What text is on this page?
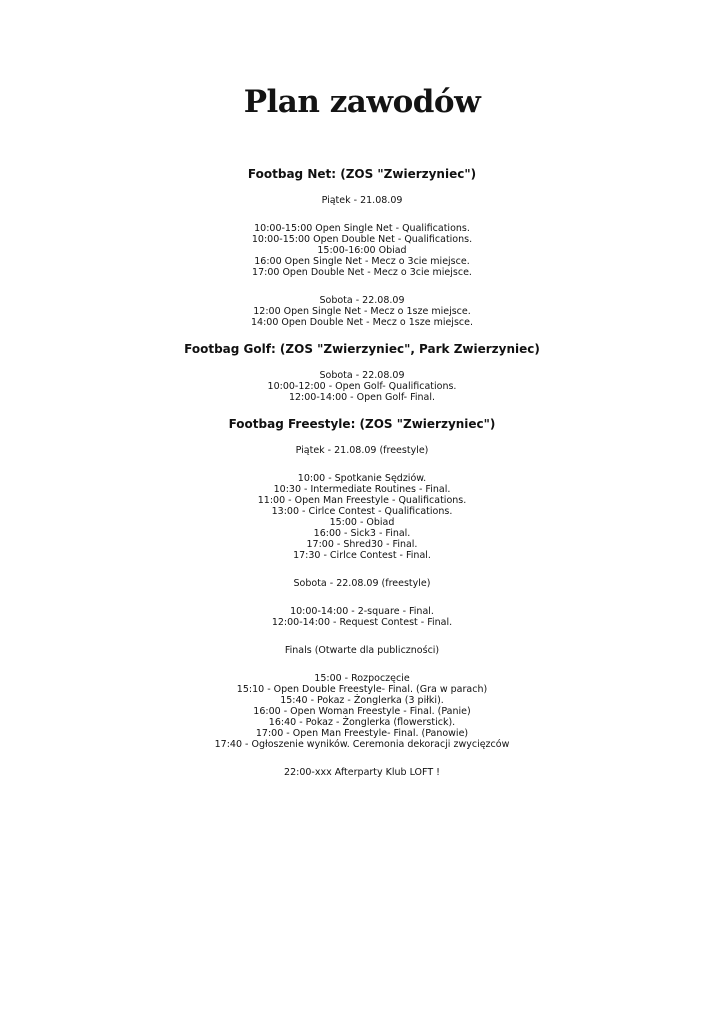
Plan zawodów
Footbag Net: (ZOS "Zwierzyniec")
Piątek - 21.08.09
10:00-15:00 Open Single Net - Qualifications.
10:00-15:00 Open Double Net - Qualifications.
15:00-16:00 Obiad
16:00 Open Single Net - Mecz o 3cie miejsce.
17:00 Open Double Net - Mecz o 3cie miejsce.
Sobota - 22.08.09
12:00 Open Single Net - Mecz o 1sze miejsce.
14:00 Open Double Net - Mecz o 1sze miejsce.
Footbag Golf: (ZOS "Zwierzyniec", Park Zwierzyniec)
Sobota - 22.08.09
10:00-12:00 - Open Golf- Qualifications.
12:00-14:00 - Open Golf- Final.
Footbag Freestyle: (ZOS "Zwierzyniec")
Piątek - 21.08.09 (freestyle)
10:00 - Spotkanie Sędziów.
10:30 - Intermediate Routines - Final.
11:00 - Open Man Freestyle - Qualifications.
13:00 - Cirlce Contest - Qualifications.
15:00 - Obiad
16:00 - Sick3 - Final.
17:00 - Shred30 - Final.
17:30 - Cirlce Contest - Final.
Sobota - 22.08.09 (freestyle)
10:00-14:00 - 2-square - Final.
12:00-14:00 - Request Contest - Final.
Finals (Otwarte dla publiczności)
15:00 - Rozpoczęcie
15:10 - Open Double Freestyle- Final. (Gra w parach)
15:40 - Pokaz - Żonglerka (3 piłki).
16:00 - Open Woman Freestyle - Final. (Panie)
16:40 - Pokaz - Żonglerka (flowerstick).
17:00 - Open Man Freestyle- Final. (Panowie)
17:40 - Ogłoszenie wyników. Ceremonia dekoracji zwycięzców
22:00-xxx Afterparty Klub LOFT !
